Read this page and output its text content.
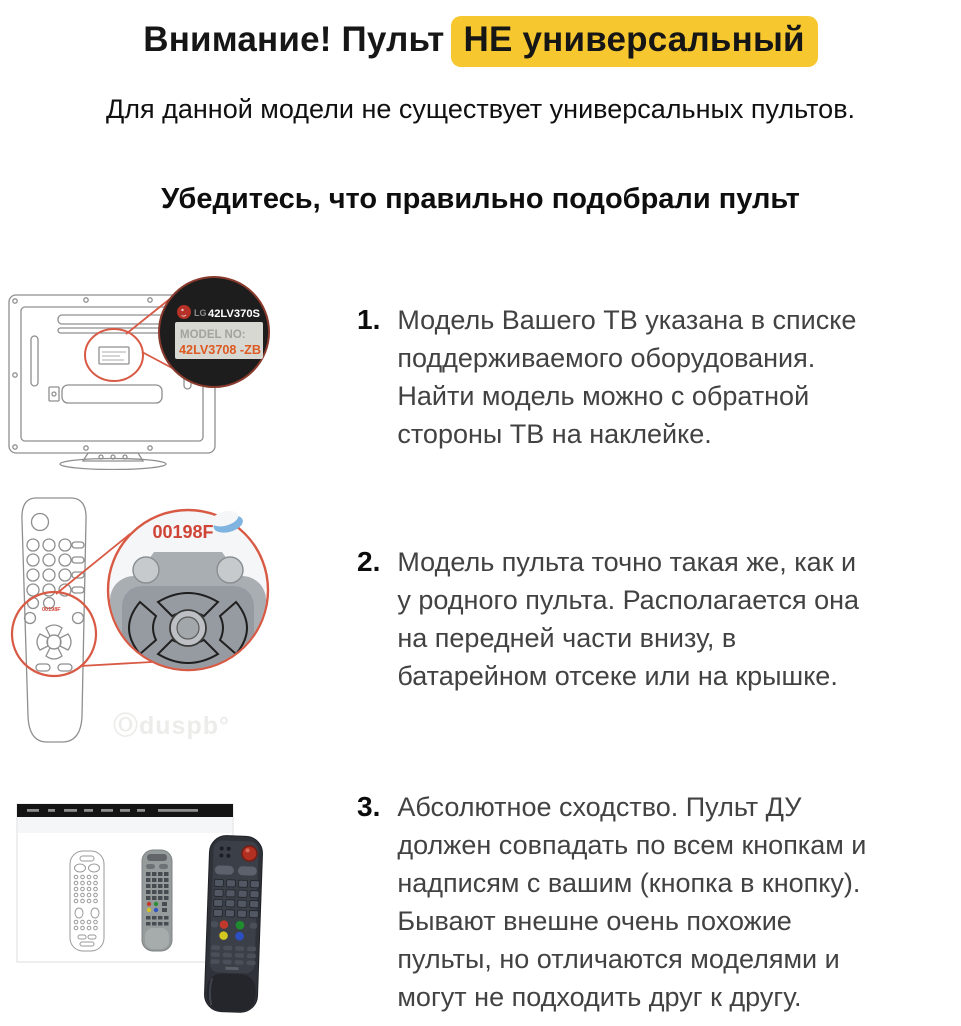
Внимание! Пульт НЕ универсальный

Для данной модели не существует универсальных пультов.

Убедитесь, что правильно подобрали пульт
LG 42LV370S
MODEL NO:
42LV3708 -ZB
1. Модель Вашего ТВ указана в списке
поддерживаемого оборудования.
Найти модель можно с обратной
стороны ТВ на наклейке.
00198F
00198F
Ⓞduspb°
2. Модель пульта точно такая же, как и
у родного пульта. Располагается она
на передней части внизу, в
батарейном отсеке или на крышке.
3. Абсолютное сходство. Пульт ДУ
должен совпадать по всем кнопкам и
надписям с вашим (кнопка в кнопку).
Бывают внешне очень похожие
пульты, но отличаются моделями и
могут не подходить друг к другу.
